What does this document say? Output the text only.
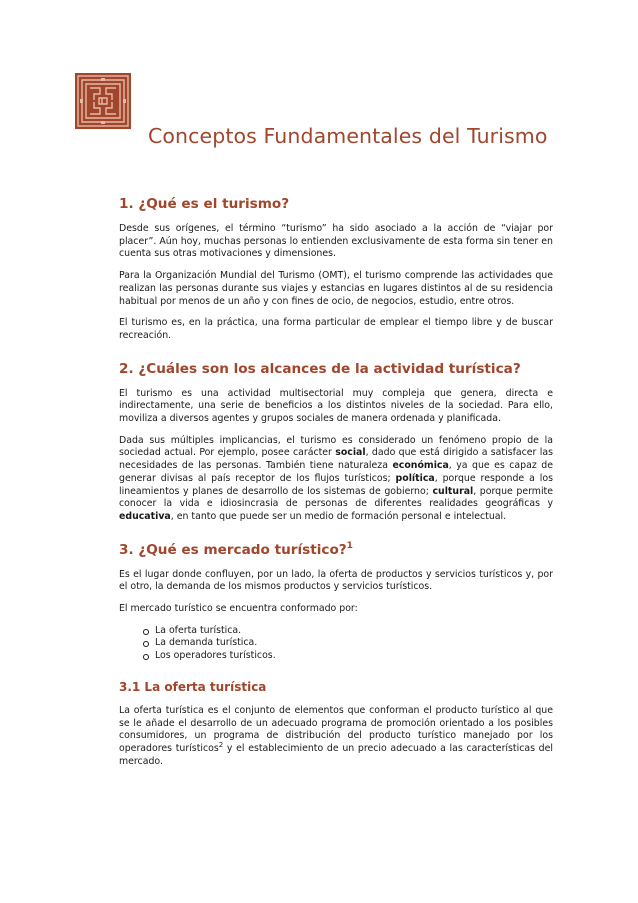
Conceptos Fundamentales del Turismo
1. ¿Qué es el turismo?

Desde sus orígenes, el término “turismo” ha sido asociado a la acción de “viajar por placer”. Aún hoy, muchas personas lo entienden exclusivamente de esta forma sin tener en cuenta sus otras motivaciones y dimensiones.

Para la Organización Mundial del Turismo (OMT), el turismo comprende las actividades que realizan las personas durante sus viajes y estancias en lugares distintos al de su residencia habitual por menos de un año y con fines de ocio, de negocios, estudio, entre otros.

El turismo es, en la práctica, una forma particular de emplear el tiempo libre y de buscar recreación.

2. ¿Cuáles son los alcances de la actividad turística?

El turismo es una actividad multisectorial muy compleja que genera, directa e indirectamente, una serie de beneficios a los distintos niveles de la sociedad. Para ello, moviliza a diversos agentes y grupos sociales de manera ordenada y planificada.

Dada sus múltiples implicancias, el turismo es considerado un fenómeno propio de la sociedad actual. Por ejemplo, posee carácter social, dado que está dirigido a satisfacer las necesidades de las personas. También tiene naturaleza económica, ya que es capaz de generar divisas al país receptor de los flujos turísticos; política, porque responde a los lineamientos y planes de desarrollo de los sistemas de gobierno; cultural, porque permite conocer la vida e idiosincrasia de personas de diferentes realidades geográficas y educativa, en tanto que puede ser un medio de formación personal e intelectual.

3. ¿Qué es mercado turístico?$^1$

Es el lugar donde confluyen, por un lado, la oferta de productos y servicios turísticos y, por el otro, la demanda de los mismos productos y servicios turísticos.

El mercado turístico se encuentra conformado por:

La oferta turística.
La demanda turística.
Los operadores turísticos.
3.1 La oferta turística

La oferta turística es el conjunto de elementos que conforman el producto turístico al que se le añade el desarrollo de un adecuado programa de promoción orientado a los posibles consumidores, un programa de distribución del producto turístico manejado por los operadores turísticos$^2$ y el establecimiento de un precio adecuado a las características del mercado.
